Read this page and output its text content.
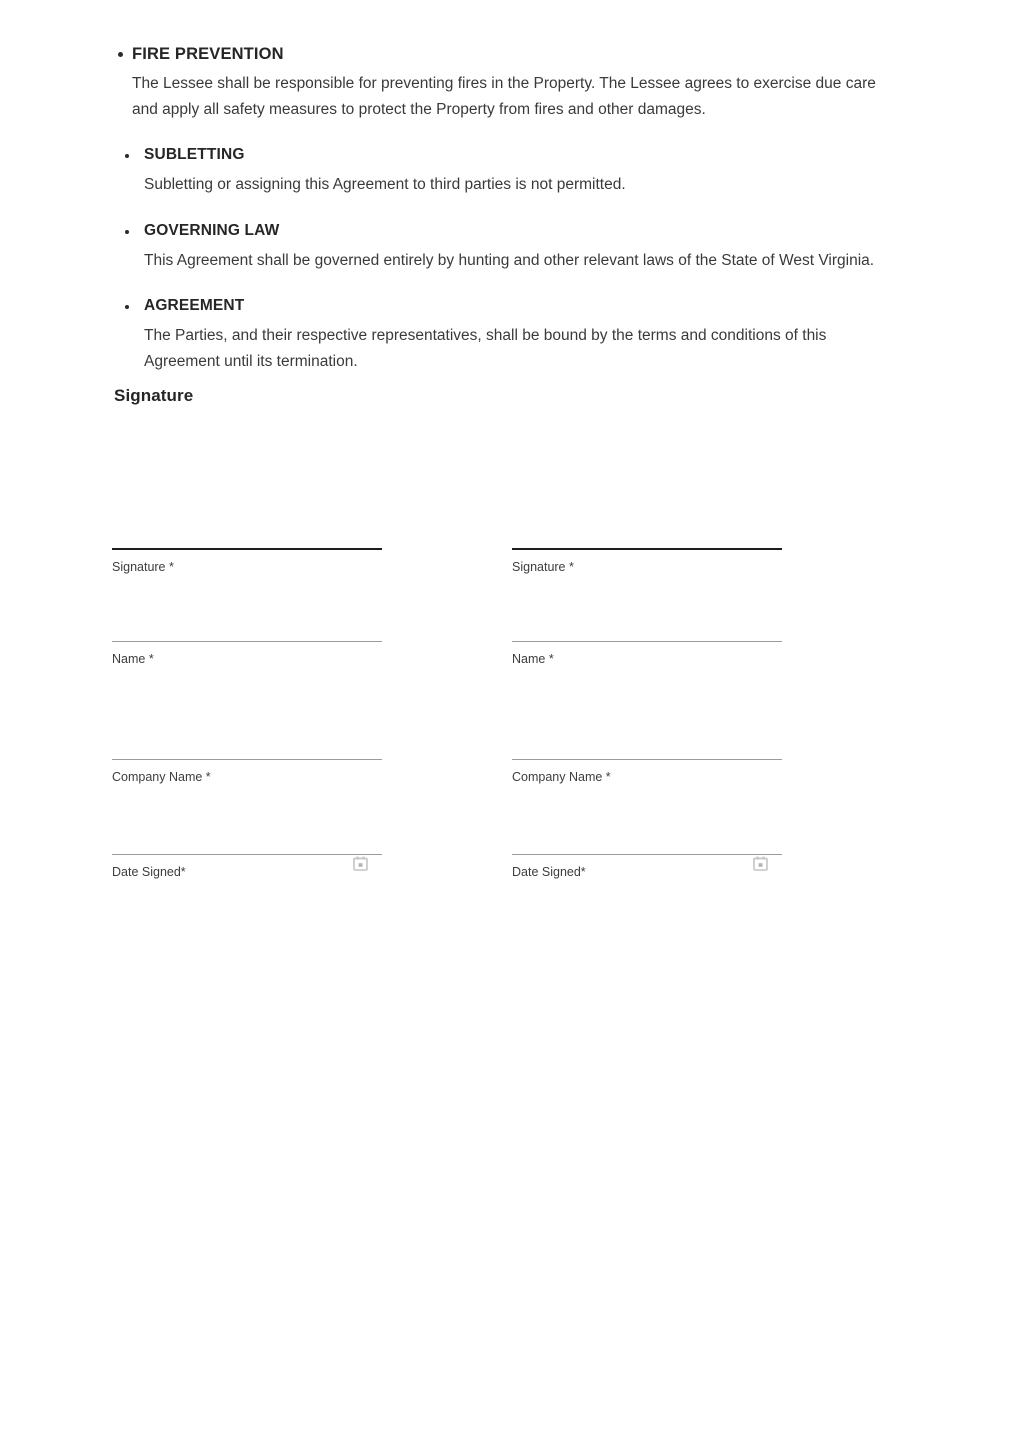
FIRE PREVENTION

The Lessee shall be responsible for preventing fires in the Property. The Lessee agrees to exercise due care and apply all safety measures to protect the Property from fires and other damages.

SUBLETTING

Subletting or assigning this Agreement to third parties is not permitted.

GOVERNING LAW

This Agreement shall be governed entirely by hunting and other relevant laws of the State of West Virginia.

AGREEMENT

The Parties, and their respective representatives, shall be bound by the terms and conditions of this Agreement until its termination.

Signature
Signature *
Name *
Company Name *
Date Signed*
Signature *
Name *
Company Name *
Date Signed*
